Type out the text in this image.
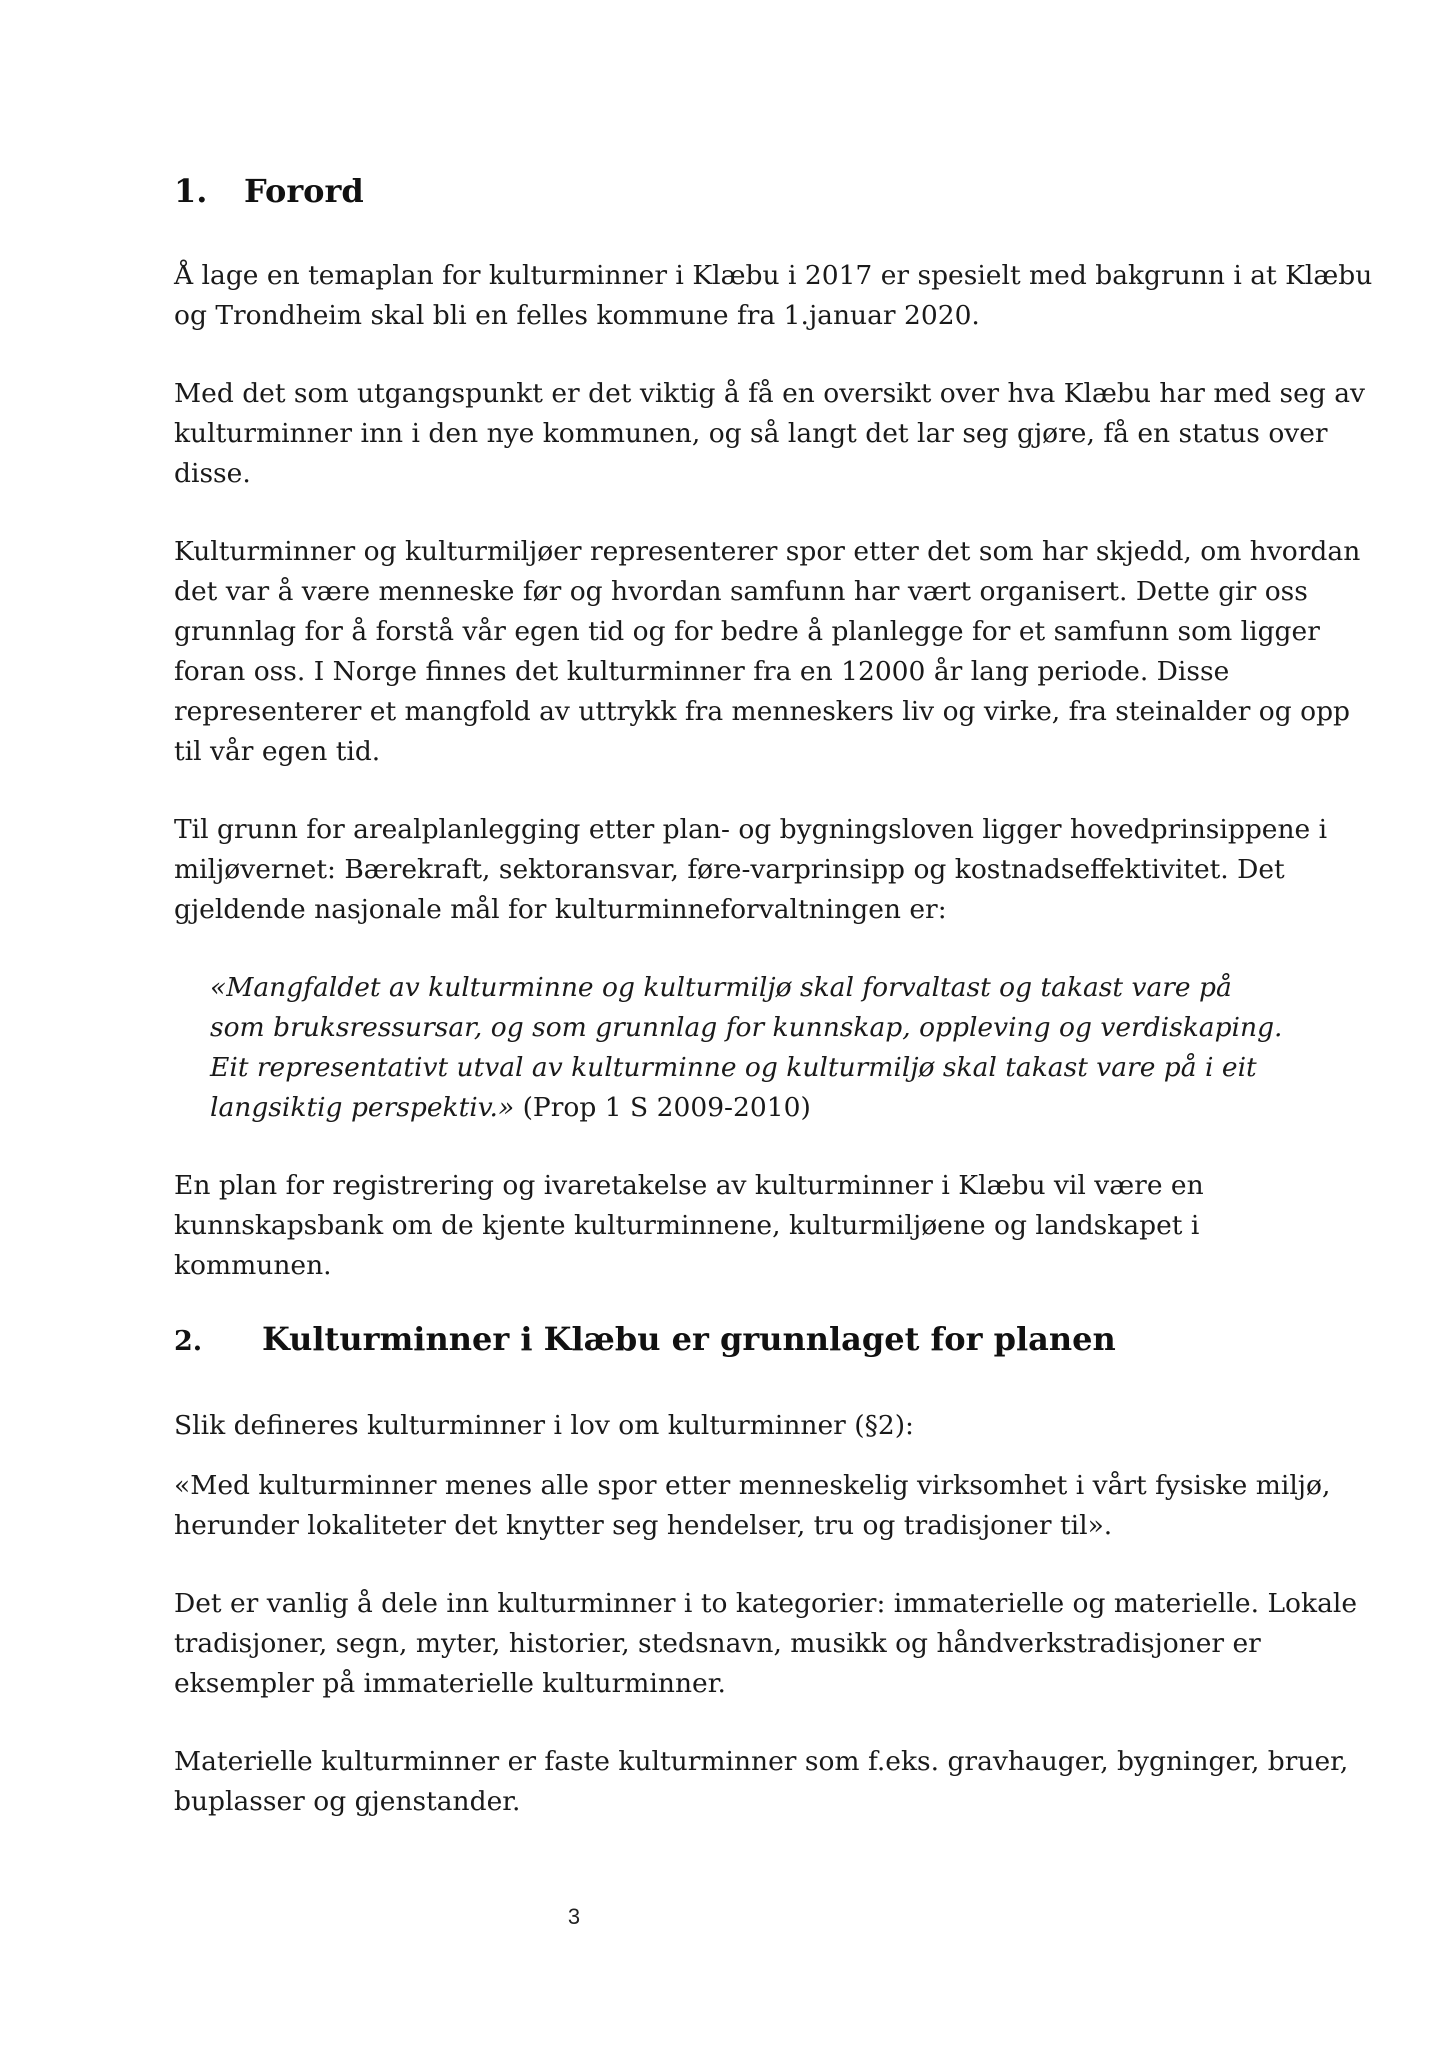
1. Forord

Å lage en temaplan for kulturminner i Klæbu i 2017 er spesielt med bakgrunn i at Klæbu
og Trondheim skal bli en felles kommune fra 1.januar 2020.

Med det som utgangspunkt er det viktig å få en oversikt over hva Klæbu har med seg av
kulturminner inn i den nye kommunen, og så langt det lar seg gjøre, få en status over
disse.

Kulturminner og kulturmiljøer representerer spor etter det som har skjedd, om hvordan
det var å være menneske før og hvordan samfunn har vært organisert. Dette gir oss
grunnlag for å forstå vår egen tid og for bedre å planlegge for et samfunn som ligger
foran oss. I Norge finnes det kulturminner fra en 12000 år lang periode. Disse
representerer et mangfold av uttrykk fra menneskers liv og virke, fra steinalder og opp
til vår egen tid.

Til grunn for arealplanlegging etter plan- og bygningsloven ligger hovedprinsippene i
miljøvernet: Bærekraft, sektoransvar, føre-varprinsipp og kostnadseffektivitet. Det
gjeldende nasjonale mål for kulturminneforvaltningen er:

«Mangfaldet av kulturminne og kulturmiljø skal forvaltast og takast vare på
som bruksressursar, og som grunnlag for kunnskap, oppleving og verdiskaping.
Eit representativt utval av kulturminne og kulturmiljø skal takast vare på i eit
langsiktig perspektiv.» (Prop 1 S 2009-2010)

En plan for registrering og ivaretakelse av kulturminner i Klæbu vil være en
kunnskapsbank om de kjente kulturminnene, kulturmiljøene og landskapet i
kommunen.

2. Kulturminner i Klæbu er grunnlaget for planen

Slik defineres kulturminner i lov om kulturminner (§2):

«Med kulturminner menes alle spor etter menneskelig virksomhet i vårt fysiske miljø,
herunder lokaliteter det knytter seg hendelser, tru og tradisjoner til».

Det er vanlig å dele inn kulturminner i to kategorier: immaterielle og materielle. Lokale
tradisjoner, segn, myter, historier, stedsnavn, musikk og håndverkstradisjoner er
eksempler på immaterielle kulturminner.

Materielle kulturminner er faste kulturminner som f.eks. gravhauger, bygninger, bruer,
buplasser og gjenstander.

3
